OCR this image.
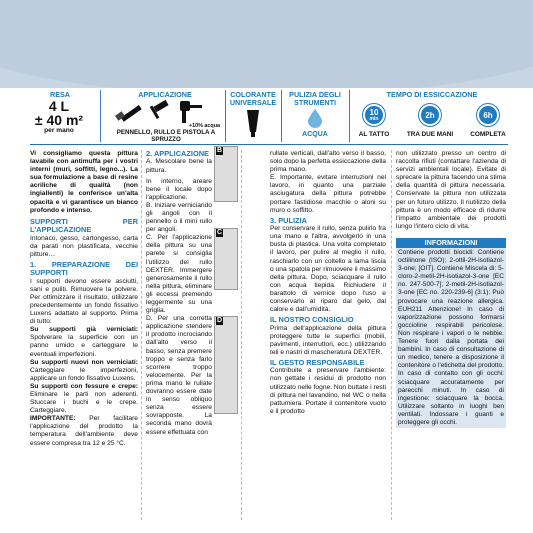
RESA
4 L
± 40 m²
per mano
APPLICAZIONE
+10% acqua
PENNELLO, RULLO E PISTOLA A SPRUZZO
COLORANTE UNIVERSALE
PULIZIA DEGLI STRUMENTI
ACQUA
TEMPO DI ESSICCAZIONE
10
min
AL TATTO
2h
TRA DUE MANI
6h
COMPLETA

Vi consigliamo questa pittura lavabile con antimuffa per i vostri interni (muri, soffitti, legno...). La sua formulazione a base di resine acriliche di qualità (non ingiallenti) le conferisce un'alta opacità e vi garantisce un bianco profondo e intenso.

SUPPORTI PER L'APPLICAZIONE

Intonaco, gesso, cartongesso, carta da parati non plastificata, vecchie pitture…

1. PREPARAZIONE DEI SUPPORTI

I supporti devono essere asciutti, sani e puliti. Rimuovere la polvere. Per ottimizzare il risultato, utilizzare precedentemente un fondo fissativo Luxens adattato al supporto. Prima di tutto:

Su supporti già verniciati: Spolverare la superficie con un panno umido e carteggiare le eventuali imperfezioni.

Su supporti nuovi non verniciati: Carteggiare le imperfezioni, applicare un fondo fissativo Luxens.

Su supporti con fessure e crepe: Eliminare le parti non aderenti. Stuccare i buchi e le crepe. Carteggiare.

IMPORTANTE: Per facilitare l'applicazione del prodotto la temperatura dell'ambiente deve essere compresa tra 12 e 25 °C.

2. APPLICAZIONE

A. Mescolare bene la pittura.

In interno, areare bene il locale dopo l'applicazione.

B. Iniziare verniciando gli angoli con il pennello o il mini rullo per angoli.

C. Per l'applicazione della pittura su una parete si consiglia l'utilizzo del rullo DEXTER. Immergere generosamente il rullo nella pittura, eliminare gli eccessi premendo leggermente su una griglia.

D. Per una corretta applicazione stendere il prodotto incrociando dall'alto verso il basso, senza premere troppo e senza farlo scorrere troppo velocemente. Per la prima mano le rullate dovranno essere date in senso obliquo senza essere sovrapposte. La seconda mano dovrà essere effettuata con

B
C
D

rullate verticali, dall'alto verso il basso, solo dopo la perfetta essiccazione della prima mano.

E. Importante, evitare interruzioni nel lavoro, in quanto una parziale asciugatura della pittura potrebbe portare fastidiose macchie o aloni su muro o soffitto.

3. PULIZIA

Per conservare il rullo, senza pulirlo fra una mano e l'altra, avvolgerlo in una busta di plastica. Una volta completato il lavoro, per pulire al meglio il rullo, raschiarlo con un coltello a lama liscia o una spatola per rimuovere il massimo della pittura. Dopo, sciacquare il rullo con acqua tiepida. Richiudere il barattolo di vernice dopo l'uso e conservarlo al riparo dal gelo, dal calore e dall'umidità.

IL NOSTRO CONSIGLIO

Prima dell'applicazione della pittura proteggere tutte le superfici (mobili, pavimenti, interruttori, ecc.) utilizzando teli e nastri di mascheratura DEXTER.

IL GESTO RESPONSABILE

Contribuite a preservare l'ambiente: non gettate i residui di prodotto non utilizzato nelle fogne. Non buttate i resti di pittura nel lavandino, nel WC o nella pattumiera. Portate il contenitore vuoto e il prodotto

non utilizzato presso un centro di raccolta rifiuti (contattare l'azienda di servizi ambientali locale). Evitate di sprecare la pittura facendo una stima della quantità di pittura necessaria. Conservate la pittura non utilizzata per un futuro utilizzo. Il riutilizzo della pittura è un modo efficace di ridurre l'impatto ambientale dei prodotti lungo l'intero ciclo di vita.

INFORMAZIONI
Contiene prodotti biocidi: Contiene octilinone (ISO); 2-ottil-2H-isotiazol-3-one; [OIT]. Contiene Miscela di: 5-cloro-2-metil-2H-isotiazol-3-one [EC no. 247-500-7]; 2-metil-2H-isotiazol-3-one [EC no. 220-239-6] (3:1): Può provocare una reazione allergica. EUH211 Attenzione! In caso di vaporizzazione possono formarsi goccioline respirabili pericolose. Non respirare i vapori o le nebbie. Tenere fuori dalla portata dei bambini. In caso di consultazione di un medico, tenere a disposizione il contenitore o l'etichetta del prodotto. In caso di contatto con gli occhi: sciacquare accuratamente per parecchi minuti. In caso di ingestione: sciacquare la bocca. Utilizzare soltanto in luoghi ben ventilati. Indossare i guanti e proteggere gli occhi.
